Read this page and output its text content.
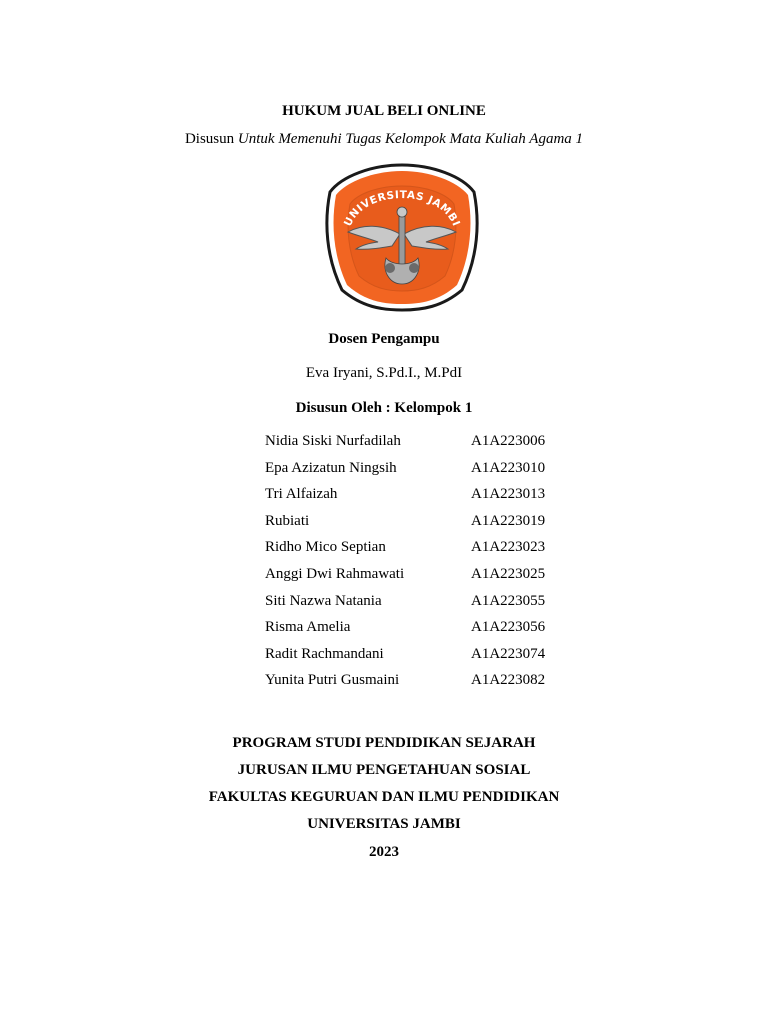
HUKUM JUAL BELI ONLINE
Disusun Untuk Memenuhi Tugas Kelompok Mata Kuliah Agama 1
UNIVERSITAS JAMBI
Dosen Pengampu
Eva Iryani, S.Pd.I., M.PdI
Disusun Oleh : Kelompok 1
Nidia Siski Nurfadilah	A1A223006
Epa Azizatun Ningsih	A1A223010
Tri Alfaizah	A1A223013
Rubiati	A1A223019
Ridho Mico Septian	A1A223023
Anggi Dwi Rahmawati	A1A223025
Siti Nazwa Natania	A1A223055
Risma Amelia	A1A223056
Radit Rachmandani	A1A223074
Yunita Putri Gusmaini	A1A223082
PROGRAM STUDI PENDIDIKAN SEJARAH
JURUSAN ILMU PENGETAHUAN SOSIAL
FAKULTAS KEGURUAN DAN ILMU PENDIDIKAN
UNIVERSITAS JAMBI
2023
